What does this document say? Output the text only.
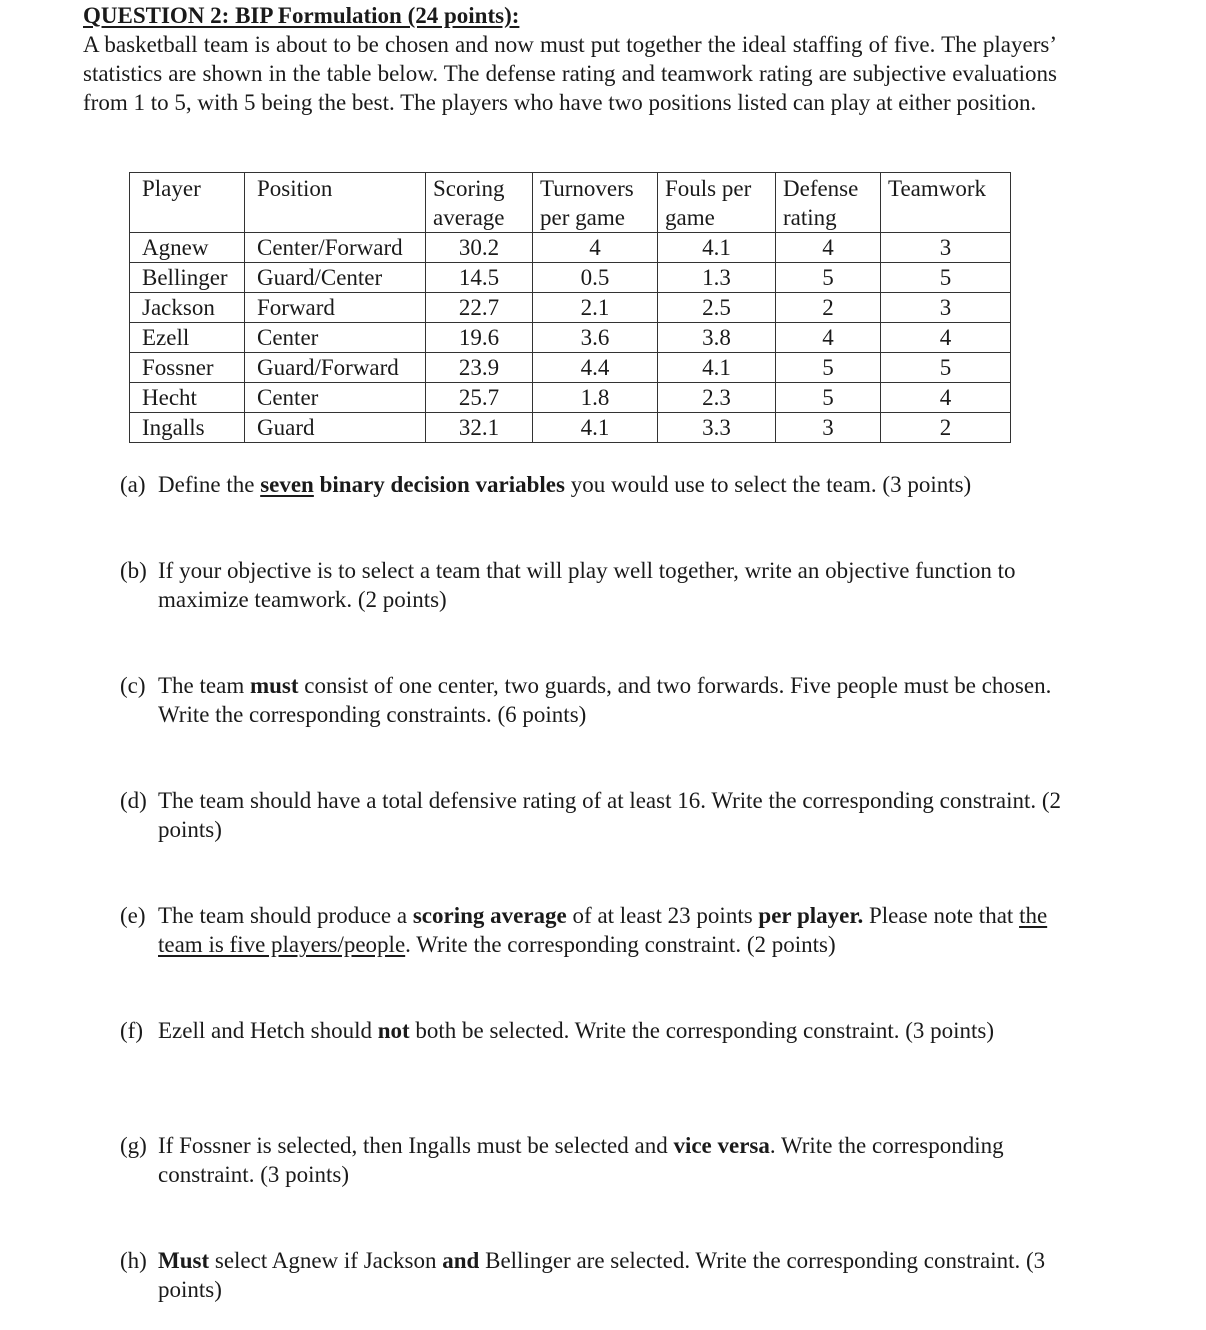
QUESTION 2: BIP Formulation (24 points):

A basketball team is about to be chosen and now must put together the ideal staffing of five. The players’ statistics are shown in the table below. The defense rating and teamwork rating are subjective evaluations from 1 to 5, with 5 being the best. The players who have two positions listed can play at either position.

Player	Position	Scoring average	Turnovers per game	Fouls per game	Defense rating	Teamwork
Agnew	Center/Forward	30.2	4	4.1	4	3
Bellinger	Guard/Center	14.5	0.5	1.3	5	5
Jackson	Forward	22.7	2.1	2.5	2	3
Ezell	Center	19.6	3.6	3.8	4	4
Fossner	Guard/Forward	23.9	4.4	4.1	5	5
Hecht	Center	25.7	1.8	2.3	5	4
Ingalls	Guard	32.1	4.1	3.3	3	2
(a) Define the seven binary decision variables you would use to select the team. (3 points)
(b) If your objective is to select a team that will play well together, write an objective function to maximize teamwork. (2 points)
(c) The team must consist of one center, two guards, and two forwards. Five people must be chosen. Write the corresponding constraints. (6 points)
(d) The team should have a total defensive rating of at least 16. Write the corresponding constraint. (2 points)
(e) The team should produce a scoring average of at least 23 points per player. Please note that the team is five players/people. Write the corresponding constraint. (2 points)
(f) Ezell and Hetch should not both be selected. Write the corresponding constraint. (3 points)
(g) If Fossner is selected, then Ingalls must be selected and vice versa. Write the corresponding constraint. (3 points)
(h) Must select Agnew if Jackson and Bellinger are selected. Write the corresponding constraint. (3 points)
